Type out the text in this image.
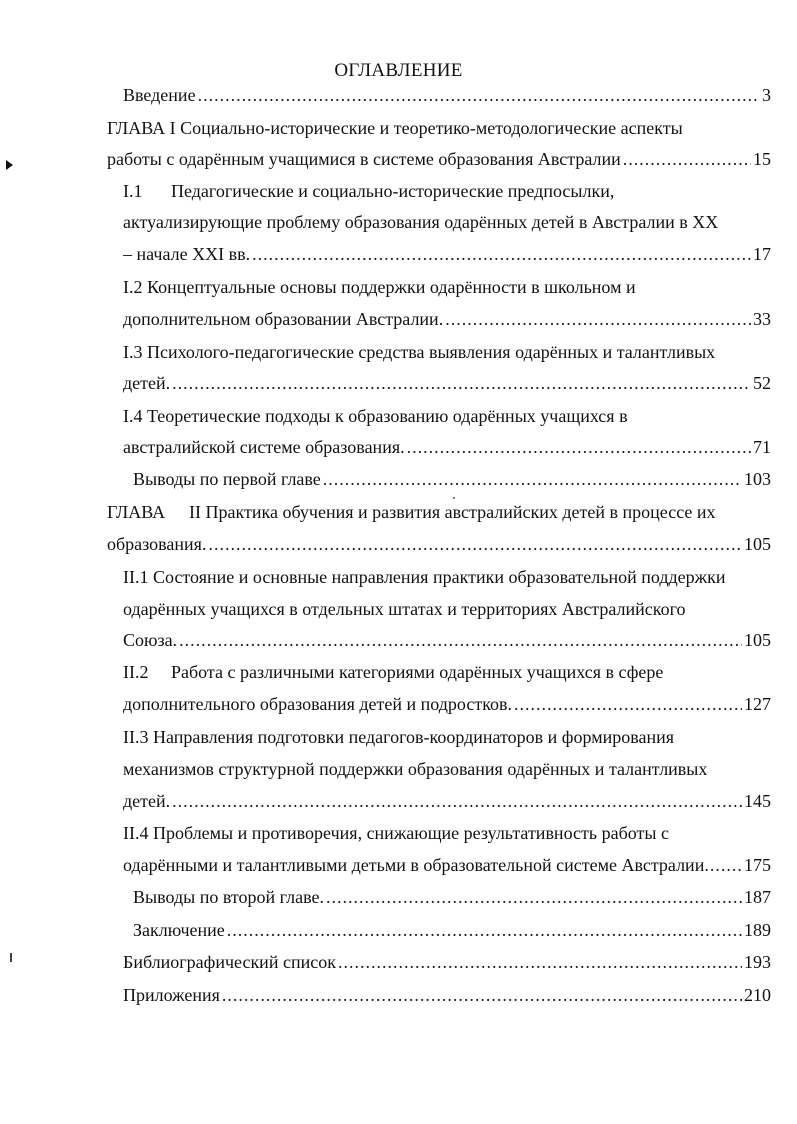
ОГЛАВЛЕНИЕ
Введение .....	3
ГЛАВА I Социально-исторические и теоретико-методологические аспекты
работы с одарённым учащимися в системе образования Австралии .....	15
I.1 Педагогические и социально-исторические предпосылки,
актуализирующие проблему образования одарённых детей в Австралии в XX
– начале XXI вв. .....	17
I.2 Концептуальные основы поддержки одарённости в школьном и
дополнительном образовании Австралии. .....	33
I.3 Психолого-педагогические средства выявления одарённых и талантливых
детей. .....	52
I.4 Теоретические подходы к образованию одарённых учащихся в
австралийской системе образования. .....	71
Выводы по первой главе .....	103
ГЛАВА II Практика обучения и развития австралийских детей в процессе их
образования. .....	105
II.1 Состояние и основные направления практики образовательной поддержки
одарённых учащихся в отдельных штатах и территориях Австралийского
Союза. .....	105
II.2 Работа с различными категориями одарённых учащихся в сфере
дополнительного образования детей и подростков. .....	127
II.3 Направления подготовки педагогов-координаторов и формирования
механизмов структурной поддержки образования одарённых и талантливых
детей. .....	145
II.4 Проблемы и противоречия, снижающие результативность работы с
одарёнными и талантливыми детьми в образовательной системе Австралии ..... 175
Выводы по второй главе. .....	187
Заключение .....	189
Библиографический список .....	193
Приложения .....	210
